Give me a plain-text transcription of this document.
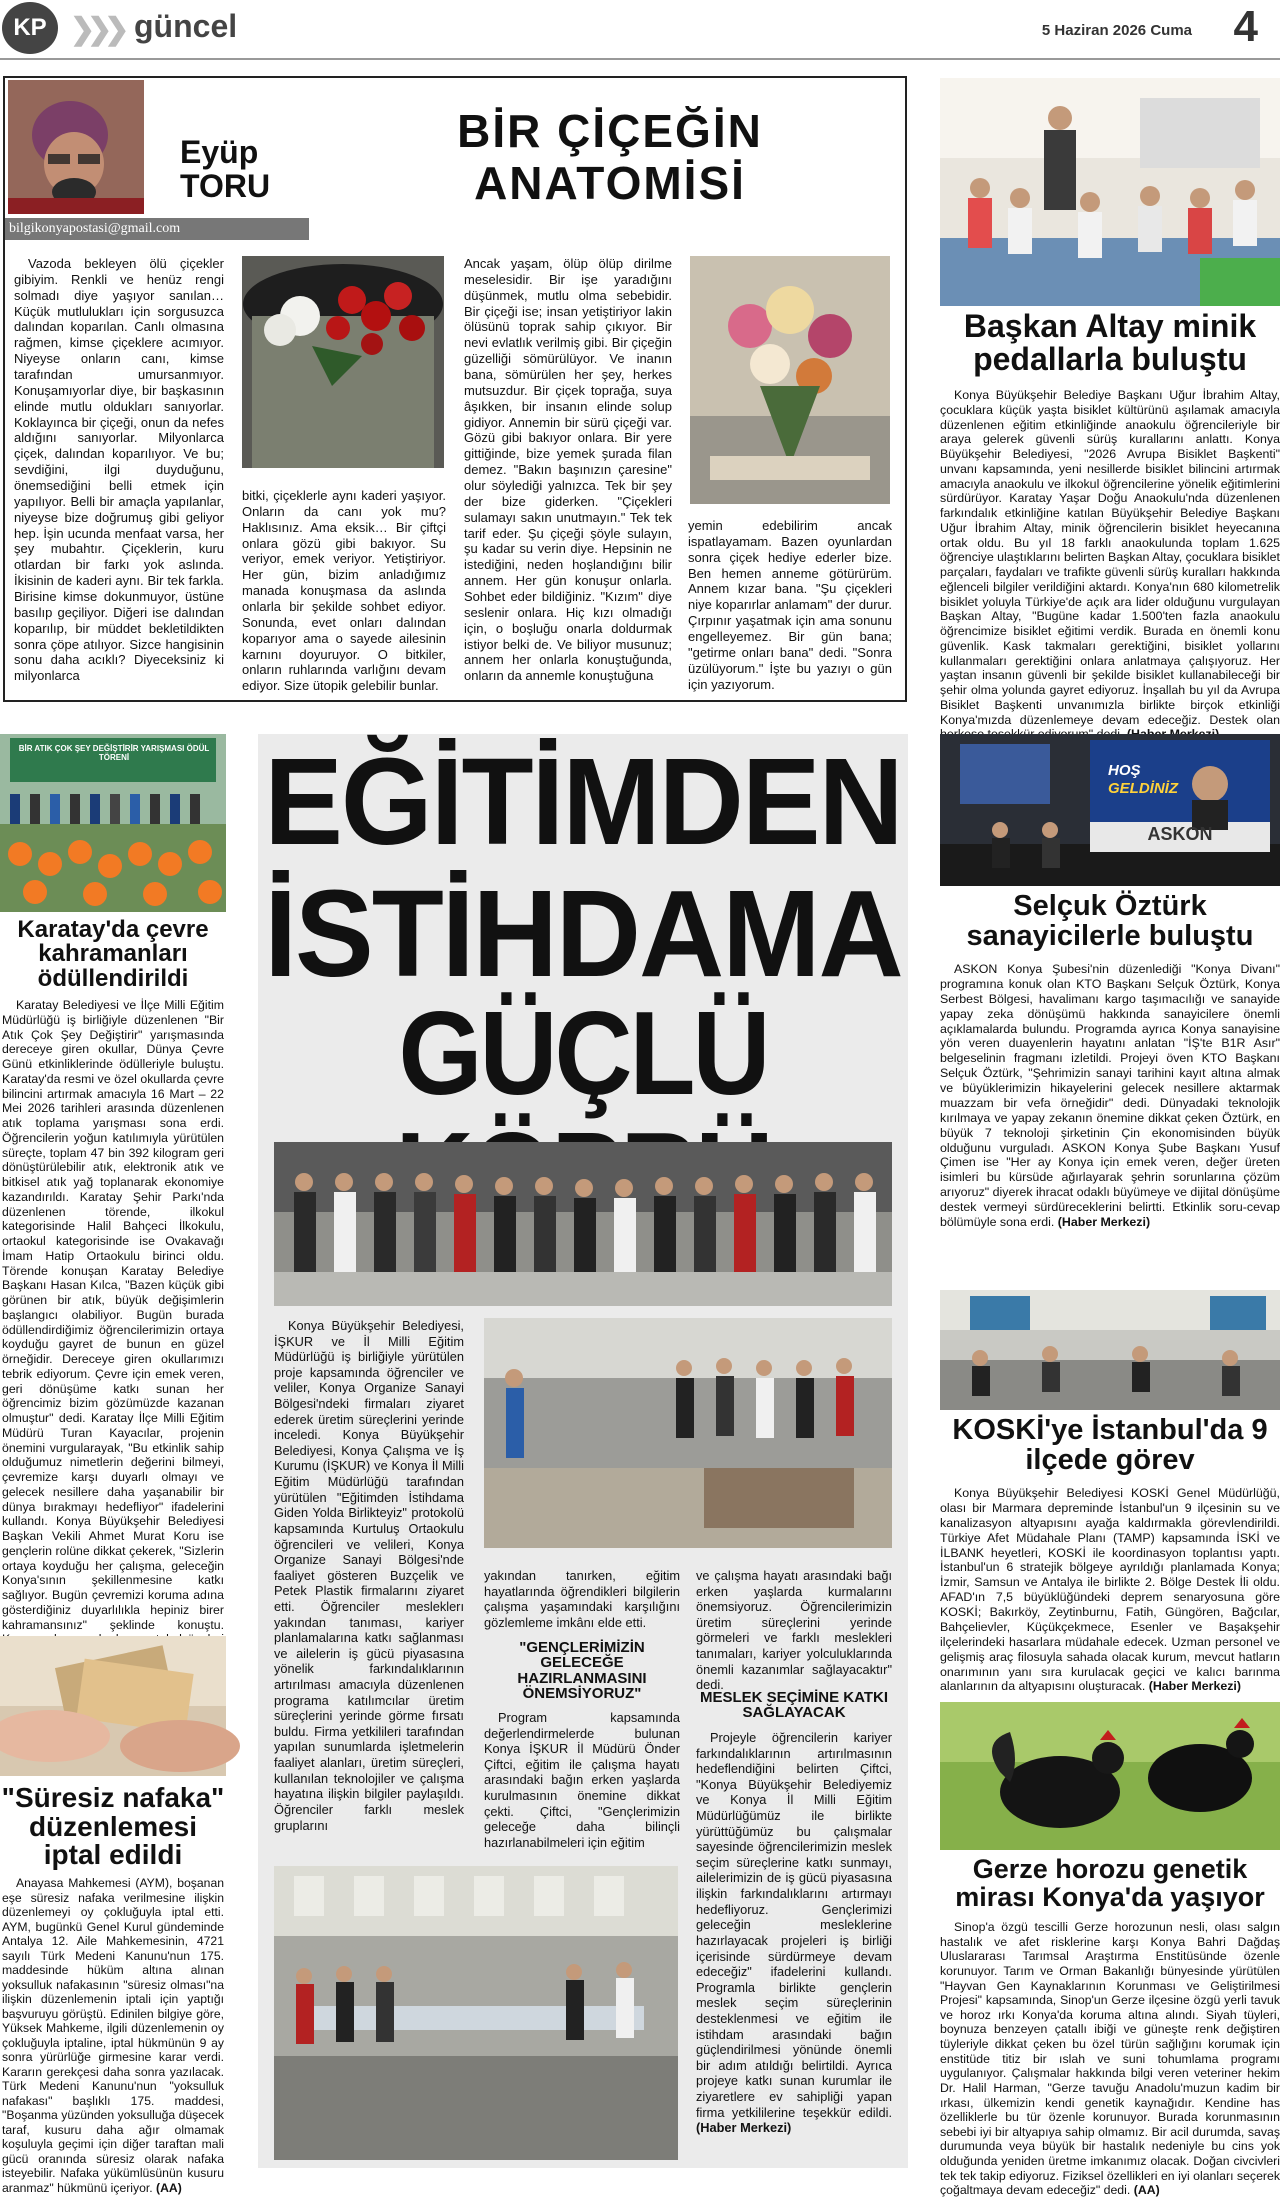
KP ❯❯❯ güncel	5 Haziran 2026 Cuma 4
Eyüp
TORU
bilgikonyapostasi@gmail.com
BİR ÇİÇEĞİN
ANATOMİSİ

Vazoda bekleyen ölü çiçekler gibiyim. Renkli ve henüz rengi solmadı diye yaşıyor sanılan… Küçük mutlulukları için sorgusuzca dalından koparılan. Canlı olmasına rağmen, kimse çiçeklere acımıyor. Niyeyse onların canı, kimse tarafından umursanmıyor. Konuşamıyorlar diye, bir başkasının elinde mutlu oldukları sanıyorlar. Koklayınca bir çiçeği, onun da nefes aldığını sanıyorlar. Milyonlarca çiçek, dalından koparılıyor. Ve bu; sevdiğini, ilgi duyduğunu, önemsediğini belli etmek için yapılıyor. Belli bir amaçla yapılanlar, niyeyse bize doğrumuş gibi geliyor hep. İşin ucunda menfaat varsa, her şey mubahtır. Çiçeklerin, kuru otlardan bir farkı yok aslında. İkisinin de kaderi aynı. Bir tek farkla. Birisine kimse dokunmuyor, üstüne basılıp geçiliyor. Diğeri ise dalından koparılıp, bir müddet bekletildikten sonra çöpe atılıyor. Sizce hangisinin sonu daha acıklı? Diyeceksiniz ki milyonlarca

bitki, çiçeklerle aynı kaderi yaşıyor. Onların da canı yok mu? Haklısınız. Ama eksik… Bir çiftçi onlara gözü gibi bakıyor. Su veriyor, emek veriyor. Yetiştiriyor. Her gün, bizim anladığımız manada konuşmasa da aslında onlarla bir şekilde sohbet ediyor. Sonunda, evet onları dalından koparıyor ama o sayede ailesinin karnını doyuruyor. O bitkiler, onların ruhlarında varlığını devam ediyor. Size ütopik gelebilir bunlar.

Ancak yaşam, ölüp ölüp dirilme meselesidir. Bir işe yaradığını düşünmek, mutlu olma sebebidir. Bir çiçeği ise; insan yetiştiriyor lakin ölüsünü toprak sahip çıkıyor. Bir nevi evlatlık verilmiş gibi. Bir çiçeğin güzelliği sömürülüyor. Ve inanın bana, sömürülen her şey, herkes mutsuzdur. Bir çiçek toprağa, suya âşıkken, bir insanın elinde solup gidiyor. Annemin bir sürü çiçeği var. Gözü gibi bakıyor onlara. Bir yere gittiğinde, bize yemek şurada filan demez. "Bakın başınızın çaresine" olur söylediği yalnızca. Tek bir şey der bize giderken. "Çiçekleri sulamayı sakın unutmayın." Tek tek tarif eder. Şu çiçeği şöyle sulayın, şu kadar su verin diye. Hepsinin ne istediğini, neden hoşlandığını bilir annem. Her gün konuşur onlarla. Sohbet eder bildiğiniz. "Kızım" diye seslenir onlara. Hiç kızı olmadığı için, o boşluğu onarla doldurmak istiyor belki de. Ve biliyor musunuz; annem her onlarla konuştuğunda, onların da annemle konuştuğuna

yemin edebilirim ancak ispatlayamam. Bazen oyunlardan sonra çiçek hediye ederler bize. Ben hemen anneme götürürüm. Annem kızar bana. "Şu çiçekleri niye koparırlar anlamam" der durur. Çırpınır yaşatmak için ama sonunu engelleyemez. Bir gün bana; "getirme onları bana" dedi. "Sonra üzülüyorum." İşte bu yazıyı o gün için yazıyorum.

Başkan Altay minik pedallarla buluştu

Konya Büyükşehir Belediye Başkanı Uğur İbrahim Altay, çocuklara küçük yaşta bisiklet kültürünü aşılamak amacıyla düzenlenen eğitim etkinliğinde anaokulu öğrencileriyle bir araya gelerek güvenli sürüş kurallarını anlattı. Konya Büyükşehir Belediyesi, "2026 Avrupa Bisiklet Başkenti" unvanı kapsamında, yeni nesillerde bisiklet bilincini artırmak amacıyla anaokulu ve ilkokul öğrencilerine yönelik eğitimlerini sürdürüyor. Karatay Yaşar Doğu Anaokulu'nda düzenlenen farkındalık etkinliğine katılan Büyükşehir Belediye Başkanı Uğur İbrahim Altay, minik öğrencilerin bisiklet heyecanına ortak oldu. Bu yıl 18 farklı anaokulunda toplam 1.625 öğrenciye ulaştıklarını belirten Başkan Altay, çocuklara bisiklet parçaları, faydaları ve trafikte güvenli sürüş kuralları hakkında eğlenceli bilgiler verildiğini aktardı. Konya'nın 680 kilometrelik bisiklet yoluyla Türkiye'de açık ara lider olduğunu vurgulayan Başkan Altay, "Bugüne kadar 1.500'ten fazla anaokulu öğrencimize bisiklet eğitimi verdik. Burada en önemli konu güvenlik. Kask takmaları gerektiğini, bisiklet yollarını kullanmaları gerektiğini onlara anlatmaya çalışıyoruz. Her yaştan insanın güvenli bir şekilde bisiklet kullanabileceği bir şehir olma yolunda gayret ediyoruz. İnşallah bu yıl da Avrupa Bisiklet Başkenti unvanımızla birlikte birçok etkinliği Konya'mızda düzenlemeye devam edeceğiz. Destek olan

BİR ATIK ÇOK ŞEY DEĞİŞTİRİR YARIŞMASI ÖDÜL TÖRENİ
Karatay'da çevre kahramanları ödüllendirildi

Karatay Belediyesi ve İlçe Milli Eğitim Müdürlüğü iş birliğiyle düzenlenen "Bir Atık Çok Şey Değiştirir" yarışmasında dereceye giren okullar, Dünya Çevre Günü etkinliklerinde ödülleriyle buluştu. Karatay'da resmi ve özel okullarda çevre bilincini artırmak amacıyla 16 Mart – 22 Mei 2026 tarihleri arasında düzenlenen atık toplama yarışması sona erdi. Öğrencilerin yoğun katılımıyla yürütülen süreçte, toplam 47 bin 392 kilogram geri dönüştürülebilir atık, elektronik atık ve bitkisel atık yağ toplanarak ekonomiye kazandırıldı. Karatay Şehir Parkı'nda düzenlenen törende, ilkokul kategorisinde Halil Bahçeci İlkokulu, ortaokul kategorisinde ise Ovakavağı İmam Hatip Ortaokulu birinci oldu. Törende konuşan Karatay Belediye Başkanı Hasan Kılca, "Bazen küçük gibi görünen bir atık, büyük değişimlerin başlangıcı olabiliyor. Bugün burada ödüllendirdiğimiz öğrencilerimizin ortaya koyduğu gayret de bunun en güzel örneğidir. Dereceye giren okullarımızı tebrik ediyorum. Çevre için emek veren, geri dönüşüme katkı sunan her öğrencimiz bizim gözümüzde kazanan olmuştur" dedi. Karatay İlçe Milli Eğitim Müdürü Turan Kayacılar, projenin önemini vurgularayak, "Bu etkinlik sahip olduğumuz nimetlerin değerini bilmeyi, çevremize karşı duyarlı olmayı ve gelecek nesillere daha yaşanabilir bir dünya bırakmayı hedefliyor" ifadelerini kullandı. Konya Büyükşehir Belediyesi Başkan Vekili Ahmet Murat Koru ise gençlerin rolüne dikkat çekerek, "Sizlerin ortaya koyduğu her çalışma, geleceğin Konya'sının şekillenmesine katkı sağlıyor. Bugün çevremizi koruma adına gösterdiğiniz duyarlılıkla hepiniz birer kahramansınız" şeklinde konuştu.

"Süresiz nafaka" düzenlemesi iptal edildi

Anayasa Mahkemesi (AYM), boşanan eşe süresiz nafaka verilmesine ilişkin düzenlemeyi oy çokluğuyla iptal etti. AYM, bugünkü Genel Kurul gündeminde Antalya 12. Aile Mahkemesinin, 4721 sayılı Türk Medeni Kanunu'nun 175. maddesinde hüküm altına alınan yoksulluk nafakasının "süresiz olması"na ilişkin düzenlemenin iptali için yaptığı başvuruyu görüştü. Edinilen bilgiye göre, Yüksek Mahkeme, ilgili düzenlemenin oy çokluğuyla iptaline, iptal hükmünün 9 ay sonra yürürlüğe girmesine karar verdi. Kararın gerekçesi daha sonra yazılacak. Türk Medeni Kanunu'nun "yoksulluk nafakası" başlıklı 175. maddesi, "Boşanma yüzünden yoksulluğa düşecek taraf, kusuru daha ağır olmamak koşuluyla geçimi için diğer taraftan mali gücü oranında süresiz olarak nafaka isteyebilir. Nafaka yükümlüsünün kusuru aranmaz" hükmünü içeriyor. (AA)

EĞİTİMDEN
İSTİHDAMA
GÜÇLÜ

Konya Büyükşehir Belediyesi, İŞKUR ve İl Milli Eğitim Müdürlüğü iş birliğiyle yürütülen proje kapsamında öğrenciler ve veliler, Konya Organize Sanayi Bölgesi'ndeki firmaları ziyaret ederek üretim süreçlerini yerinde inceledi. Konya Büyükşehir Belediyesi, Konya Çalışma ve İş Kurumu (İŞKUR) ve Konya İl Milli Eğitim Müdürlüğü tarafından yürütülen "Eğitimden İstihdama Giden Yolda Birlikteyiz" protokolü kapsamında Kurtuluş Ortaokulu öğrencileri ve velileri, Konya Organize Sanayi Bölgesi'nde faaliyet gösteren Buzçelik ve Petek Plastik firmalarını ziyaret etti. Öğrenciler mesleklerı yakından tanıması, kariyer planlamalarına katkı sağlanması ve ailelerin iş gücü piyasasına yönelik farkındalıklarının artırılması amacıyla düzenlenen programa katılımcılar üretim süreçlerini yerinde görme fırsatı buldu. Firma yetkilileri tarafından yapılan sunumlarda işletmelerin faaliyet alanları, üretim süreçleri, kullanılan teknolojiler ve çalışma hayatına ilişkin bilgiler paylaşıldı. Öğrenciler farklı meslek gruplarını

yakından tanırken, eğitim hayatlarında öğrendikleri bilgilerin çalışma yaşamındaki karşılığını gözlemleme imkânı elde etti.

"GENÇLERİMİZİN GELECEĞE HAZIRLANMASINI ÖNEMSİYORUZ"

Program kapsamında değerlendirmelerde bulunan Konya İŞKUR İl Müdürü Önder Çiftci, eğitim ile çalışma hayatı arasındaki bağın erken yaşlarda kurulmasının önemine dikkat çekti. Çiftci, "Gençlerimizin geleceğe daha bilinçli hazırlanabilmeleri için eğitim

ve çalışma hayatı arasındaki bağı erken yaşlarda kurmalarını önemsiyoruz. Öğrencilerimizin üretim süreçlerini yerinde görmeleri ve farklı meslekleri tanımaları, kariyer yolculuklarında önemli kazanımlar sağlayacaktır" dedi.

MESLEK SEÇİMİNE KATKI SAĞLAYACAK

Projeyle öğrencilerin kariyer farkındalıklarının artırılmasının hedeflendiğini belirten Çiftci, "Konya Büyükşehir Belediyemiz ve Konya İl Milli Eğitim Müdürlüğümüz ile birlikte yürüttüğümüz bu çalışmalar sayesinde öğrencilerimizin meslek seçim süreçlerine katkı sunmayı, ailelerimizin de iş gücü piyasasına ilişkin farkındalıklarını artırmayı hedefliyoruz. Gençlerimizi geleceğin mesleklerine hazırlayacak projeleri iş birliği içerisinde sürdürmeye devam edeceğiz" ifadelerini kullandı. Programla birlikte gençlerin meslek seçim süreçlerinin desteklenmesi ve eğitim ile istihdam arasındaki bağın güçlendirilmesi yönünde önemli bir adım atıldığı belirtildi. Ayrıca projeye katkı sunan kurumlar ile ziyaretlere ev sahipliği yapan firma yetkililerine teşekkür edildi. (Haber Merkezi)

HOŞ
GELDİNİZ
ASKON
Selçuk Öztürk sanayicilerle buluştu

ASKON Konya Şubesi'nin düzenlediği "Konya Divanı" programına konuk olan KTO Başkanı Selçuk Öztürk, Konya Serbest Bölgesi, havalimanı kargo taşımacılığı ve sanayide yapay zeka dönüşümü hakkında sanayicilere önemli açıklamalarda bulundu. Programda ayrıca Konya sanayisine yön veren duayenlerin hayatını anlatan "İŞ'te B1R Asır" belgeselinin fragmanı izletildi. Projeyi öven KTO Başkanı Selçuk Öztürk, "Şehrimizin sanayi tarihini kayıt altına almak ve büyüklerimizin hikayelerini gelecek nesillere aktarmak muazzam bir vefa örneğidir" dedi. Dünyadaki teknolojik kırılmaya ve yapay zekanın önemine dikkat çeken Öztürk, en büyük 7 teknoloji şirketinin Çin ekonomisinden büyük olduğunu vurguladı. ASKON Konya Şube Başkanı Yusuf Çimen ise "Her ay Konya için emek veren, değer üreten isimleri bu kürsüde ağırlayarak şehrin sorunlarına çözüm arıyoruz" diyerek ihracat odaklı büyümeye ve dijital dönüşüme destek vermeyi sürdüreceklerini belirtti. Etkinlik soru-cevap bölümüyle sona erdi. (Haber Merkezi)

KOSKİ'ye İstanbul'da 9 ilçede görev

Konya Büyükşehir Belediyesi KOSKİ Genel Müdürlüğü, olası bir Marmara depreminde İstanbul'un 9 ilçesinin su ve kanalizasyon altyapısını ayağa kaldırmakla görevlendirildi. Türkiye Afet Müdahale Planı (TAMP) kapsamında İSKİ ve İLBANK heyetleri, KOSKİ ile koordinasyon toplantısı yaptı. İstanbul'un 6 stratejik bölgeye ayrıldığı planlamada Konya; İzmir, Samsun ve Antalya ile birlikte 2. Bölge Destek İli oldu. AFAD'ın 7,5 büyüklüğündeki deprem senaryosuna göre KOSKİ; Bakırköy, Zeytinburnu, Fatih, Güngören, Bağcılar, Bahçelievler, Küçükçekmece, Esenler ve Başakşehir ilçelerindeki hasarlara müdahale edecek. Uzman personel ve gelişmiş araç filosuyla sahada olacak kurum, mevcut hatların onarımının yanı sıra kurulacak geçici ve kalıcı barınma alanlarının da altyapısını oluşturacak. (Haber Merkezi)

Gerze horozu genetik mirası Konya'da yaşıyor

Sinop'a özgü tescilli Gerze horozunun nesli, olası salgın hastalık ve afet risklerine karşı Konya Bahri Dağdaş Uluslararası Tarımsal Araştırma Enstitüsünde özenle korunuyor. Tarım ve Orman Bakanlığı bünyesinde yürütülen "Hayvan Gen Kaynaklarının Korunması ve Geliştirilmesi Projesi" kapsamında, Sinop'un Gerze ilçesine özgü yerli tavuk ve horoz ırkı Konya'da koruma altına alındı. Siyah tüyleri, boynuza benzeyen çatallı ibiği ve güneşte renk değiştiren tüyleriyle dikkat çeken bu özel türün sağlığını korumak için enstitüde titiz bir ıslah ve suni tohumlama programı uygulanıyor. Çalışmalar hakkında bilgi veren veteriner hekim Dr. Halil Harman, "Gerze tavuğu Anadolu'muzun kadim bir ırkası, ülkemizin kendi genetik kaynağıdır. Kendine has özelliklerle bu tür özenle korunuyor. Burada korunmasının sebebi iyi bir altyapıya sahip olmamız. Bir acil durumda, savaş durumunda veya büyük bir hastalık nedeniyle bu cins yok olduğunda yeniden üretme imkanımız olacak. Doğan civcivleri tek tek takip ediyoruz. Fiziksel özellikleri en iyi olanları seçerek çoğaltmaya devam edeceğiz" dedi. (AA)
